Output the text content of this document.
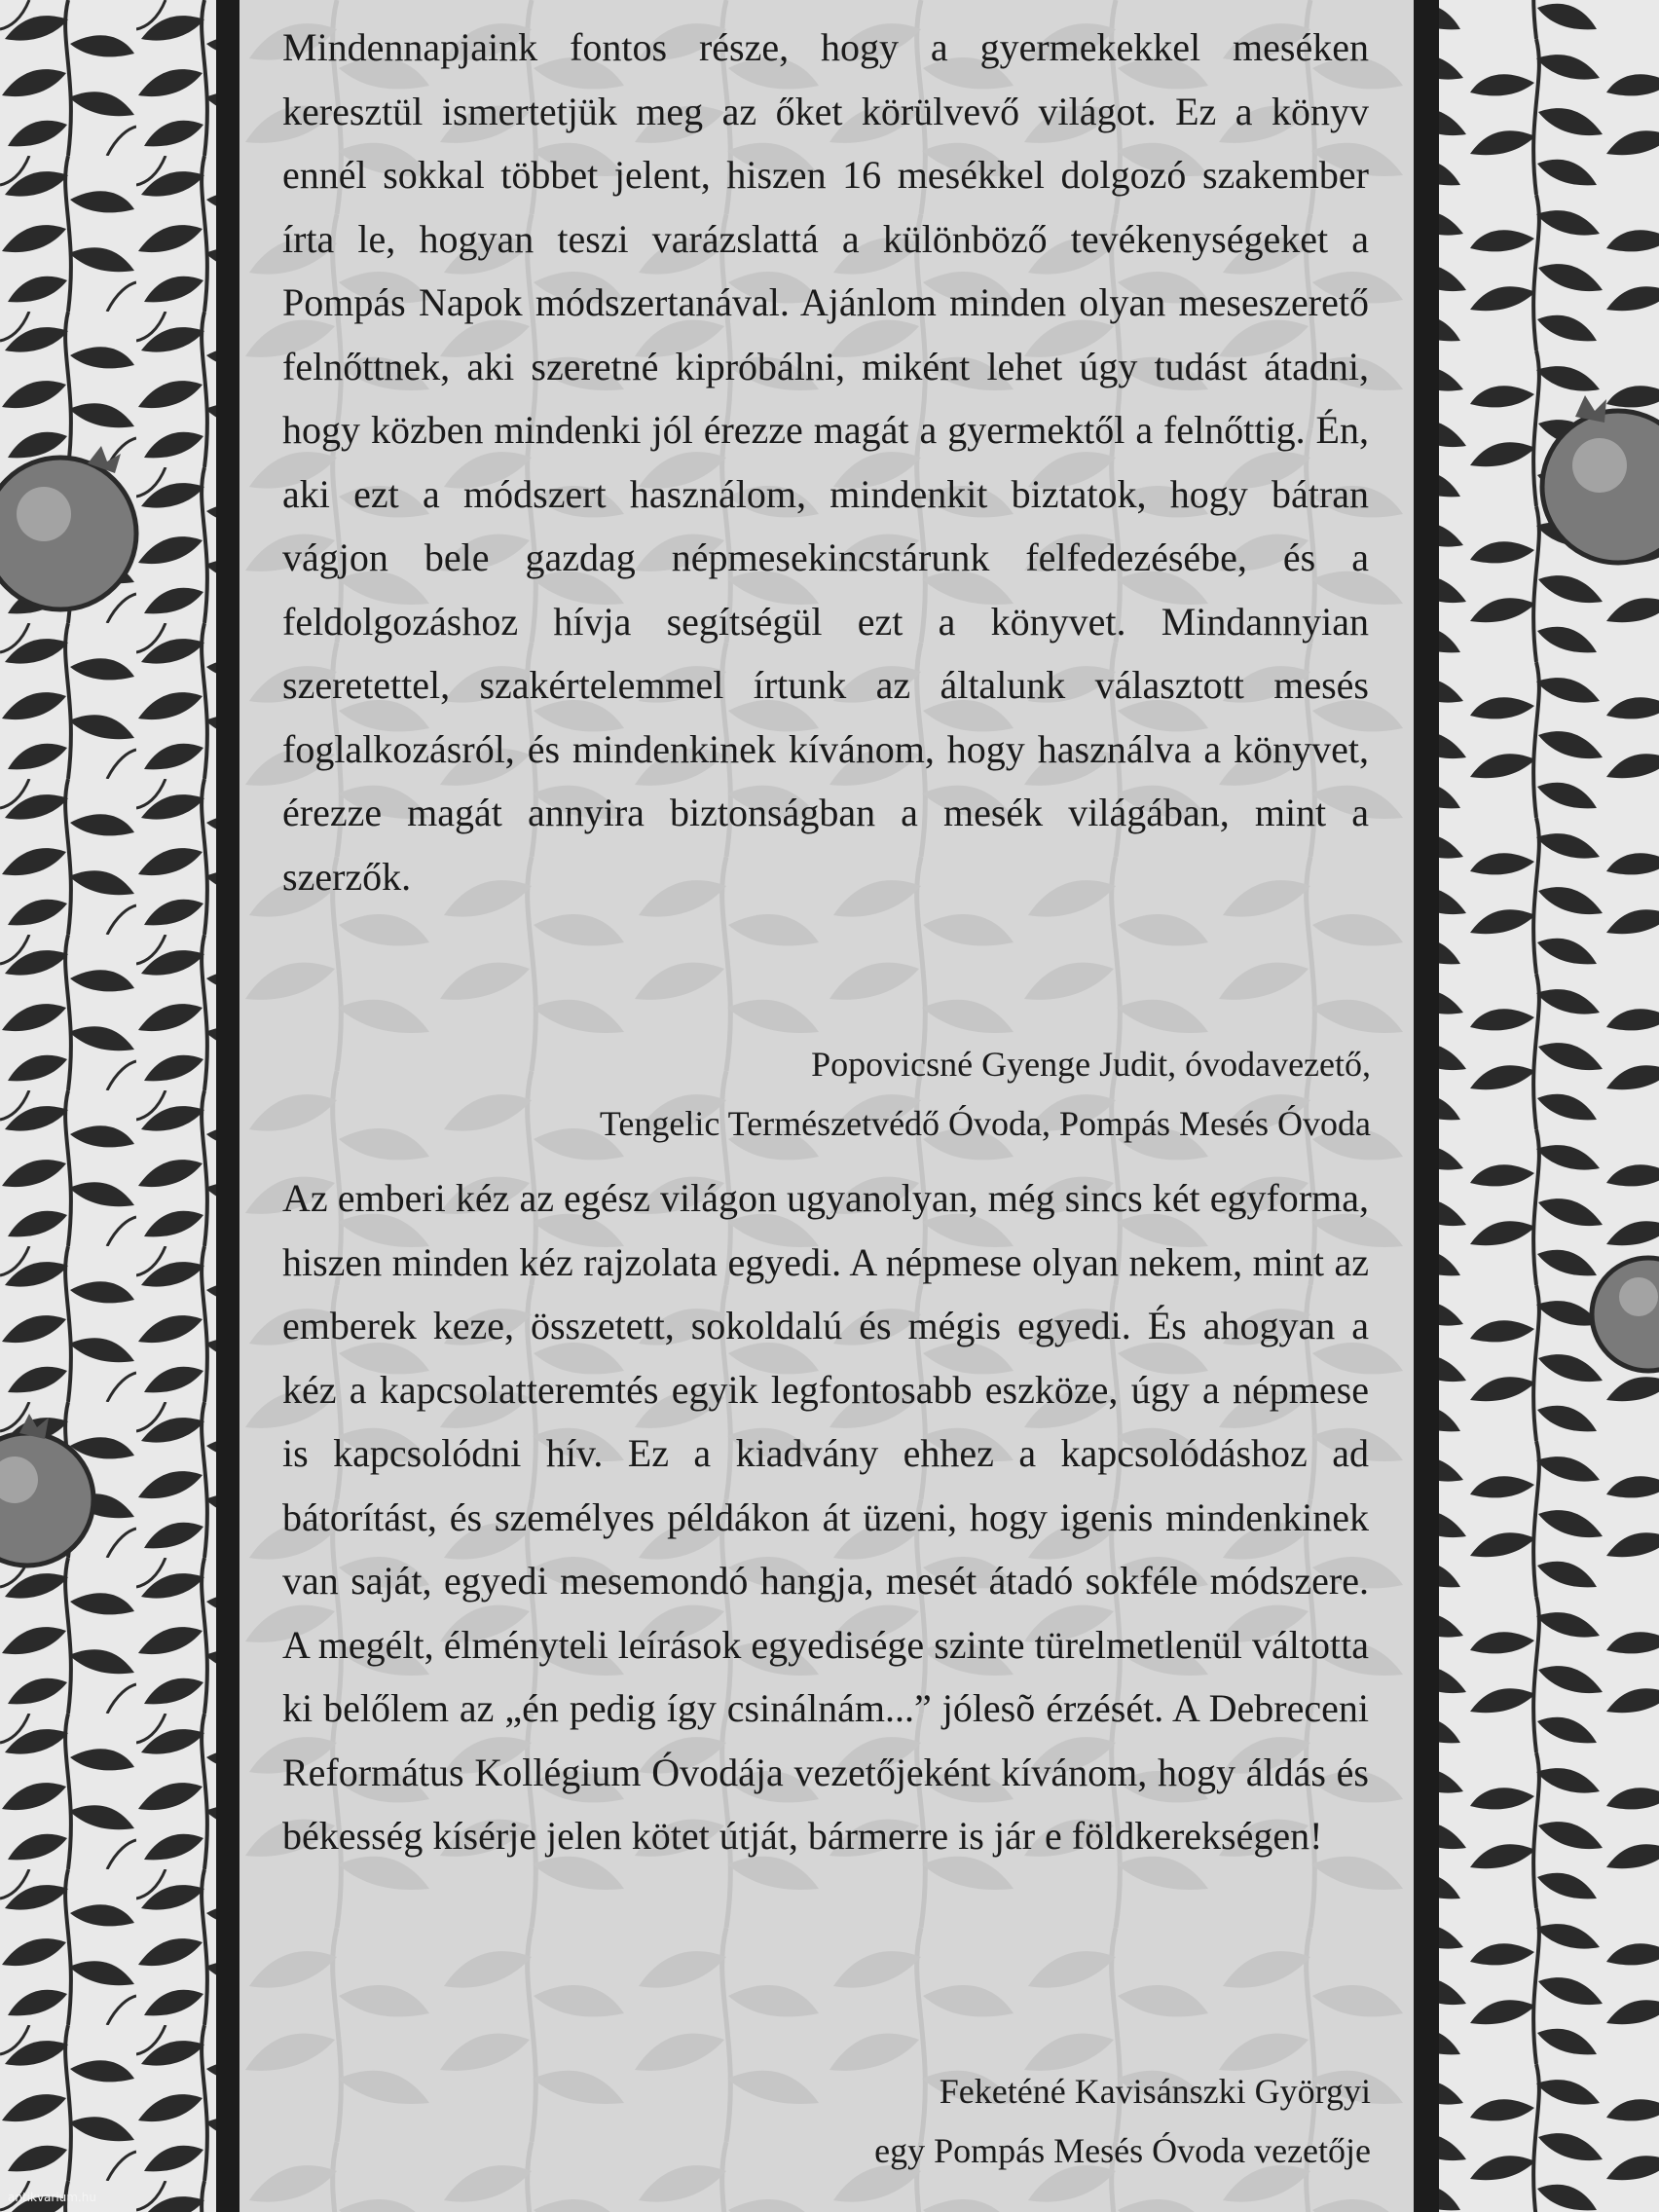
Mindennapjaink fontos része, hogy a gyermekekkel meséken keresztül ismertetjük meg az őket körülvevő világot. Ez a könyv ennél sokkal többet jelent, hiszen 16 mesékkel dolgozó szakember írta le, hogyan teszi varázslattá a különböző tevékenységeket a Pompás Napok módszertanával. Ajánlom minden olyan meseszerető felnőttnek, aki szeretné kipróbálni, miként lehet úgy tudást átadni, hogy közben mindenki jól érezze magát a gyermektől a felnőttig. Én, aki ezt a módszert használom, mindenkit biztatok, hogy bátran vágjon bele gazdag népmesekincstárunk felfedezésébe, és a feldolgozáshoz hívja segítségül ezt a könyvet. Mindannyian szeretettel, szakértelemmel írtunk az általunk választott mesés foglalkozásról, és mindenkinek kívánom, hogy használva a könyvet, érezze magát annyira biztonságban a mesék világában, mint a szerzők.

Popovicsné Gyenge Judit, óvodavezető,
Tengelic Természetvédő Óvoda, Pompás Mesés Óvoda

Az emberi kéz az egész világon ugyanolyan, még sincs két egyforma, hiszen minden kéz rajzolata egyedi. A népmese olyan nekem, mint az emberek keze, összetett, sokoldalú és mégis egyedi. És ahogyan a kéz a kapcsolatteremtés egyik legfontosabb eszköze, úgy a népmese is kapcsolódni hív. Ez a kiadvány ehhez a kapcsolódáshoz ad bátorítást, és személyes példákon át üzeni, hogy igenis mindenkinek van saját, egyedi mesemondó hangja, mesét átadó sokféle módszere. A megélt, élményteli leírások egyedisége szinte türelmetlenül váltotta ki belőlem az „én pedig így csinálnám...” jólesõ érzését. A Debreceni Református Kollégium Óvodája vezetőjeként kívánom, hogy áldás és békesség kísérje jelen kötet útját, bármerre is jár e földkerekségen!

Feketéné Kavisánszki Györgyi
egy Pompás Mesés Óvoda vezetője
antikvarium.hu
